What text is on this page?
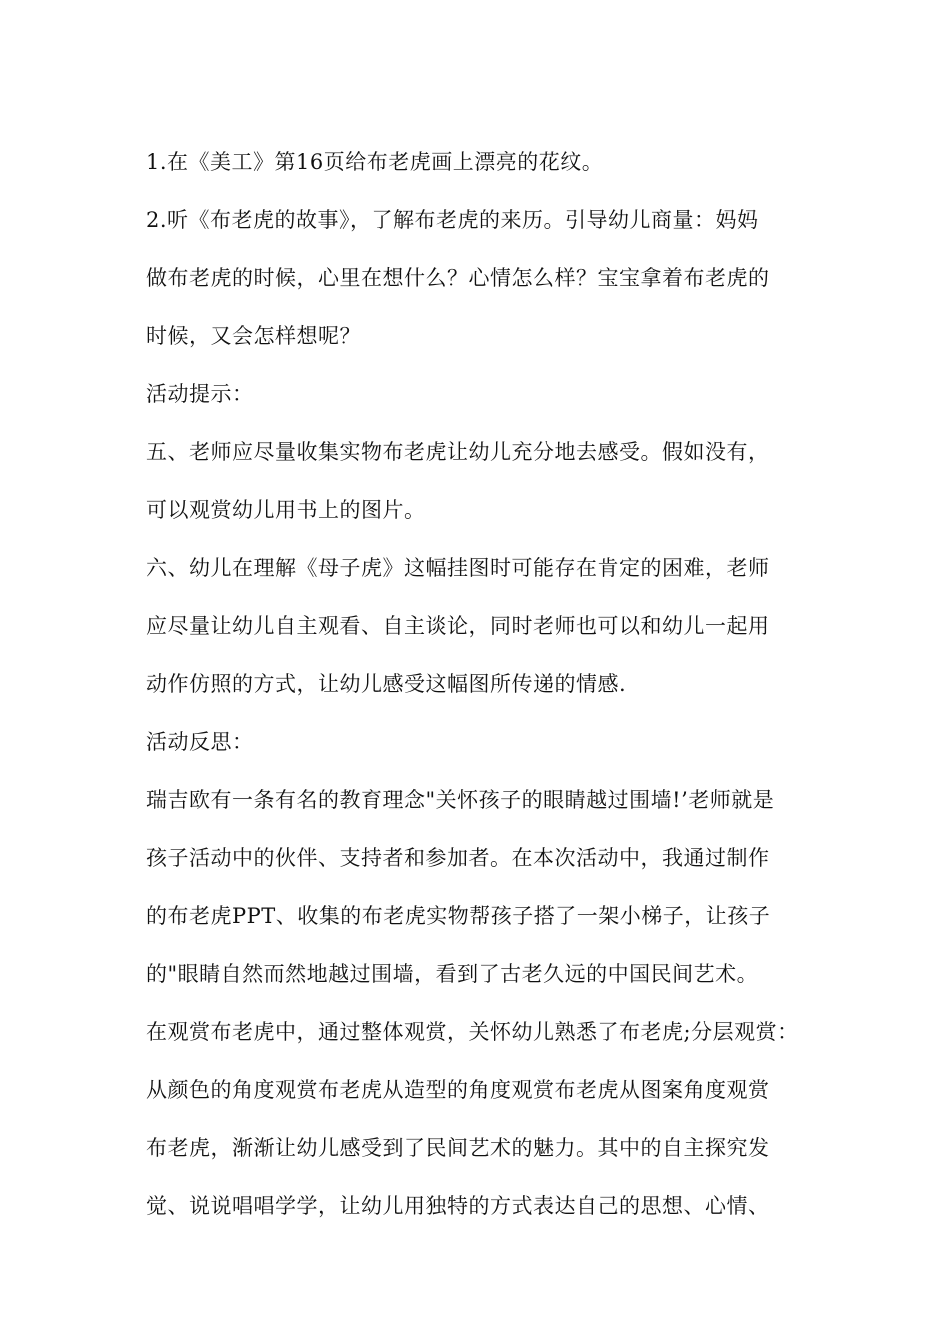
1.在《美工》第16页给布老虎画上漂亮的花纹。
2.听《布老虎的故事》，了解布老虎的来历。引导幼儿商量：妈妈
做布老虎的时候，心里在想什么？心情怎么样？宝宝拿着布老虎的
时候，又会怎样想呢？
活动提示：
五、老师应尽量收集实物布老虎让幼儿充分地去感受。假如没有，
可以观赏幼儿用书上的图片。
六、幼儿在理解《母子虎》这幅挂图时可能存在肯定的困难，老师
应尽量让幼儿自主观看、自主谈论，同时老师也可以和幼儿一起用
动作仿照的方式，让幼儿感受这幅图所传递的情感.
活动反思：
瑞吉欧有一条有名的教育理念"关怀孩子的眼睛越过围墙!’老师就是
孩子活动中的伙伴、支持者和参加者。在本次活动中，我通过制作
的布老虎PPT、收集的布老虎实物帮孩子搭了一架小梯子，让孩子
的"眼睛自然而然地越过围墙，看到了古老久远的中国民间艺术。
在观赏布老虎中，通过整体观赏，关怀幼儿熟悉了布老虎;分层观赏：
从颜色的角度观赏布老虎从造型的角度观赏布老虎从图案角度观赏
布老虎，渐渐让幼儿感受到了民间艺术的魅力。其中的自主探究发
觉、说说唱唱学学，让幼儿用独特的方式表达自己的思想、心情、
